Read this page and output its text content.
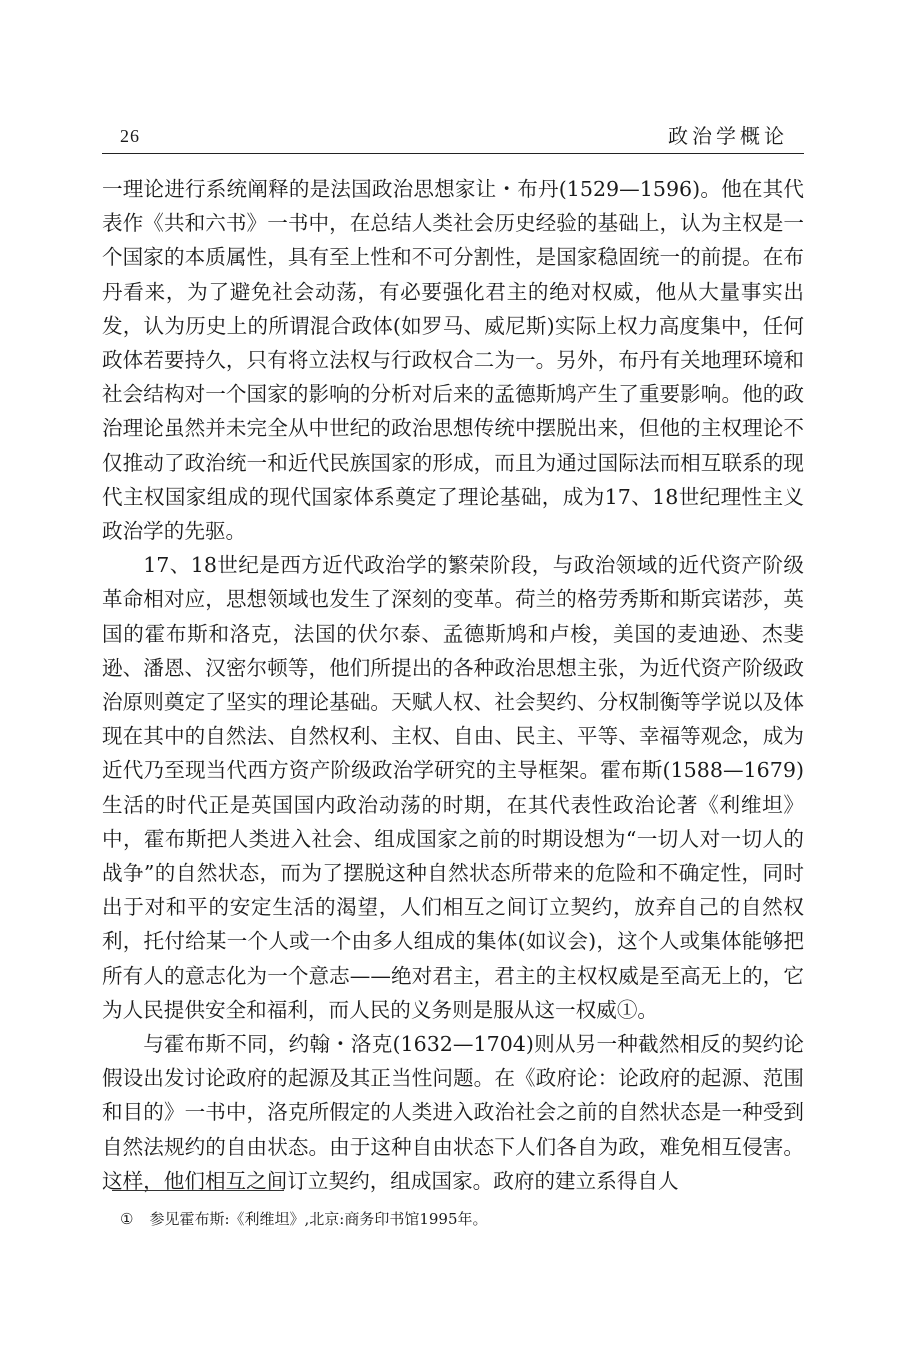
26	政治学概论

一理论进行系统阐释的是法国政治思想家让・布丹(1529—1596)。他在其代表作《共和六书》一书中，在总结人类社会历史经验的基础上，认为主权是一个国家的本质属性，具有至上性和不可分割性，是国家稳固统一的前提。在布丹看来，为了避免社会动荡，有必要强化君主的绝对权威，他从大量事实出发，认为历史上的所谓混合政体(如罗马、威尼斯)实际上权力高度集中，任何政体若要持久，只有将立法权与行政权合二为一。另外，布丹有关地理环境和社会结构对一个国家的影响的分析对后来的孟德斯鸠产生了重要影响。他的政治理论虽然并未完全从中世纪的政治思想传统中摆脱出来，但他的主权理论不仅推动了政治统一和近代民族国家的形成，而且为通过国际法而相互联系的现代主权国家组成的现代国家体系奠定了理论基础，成为17、18世纪理性主义政治学的先驱。

17、18世纪是西方近代政治学的繁荣阶段，与政治领域的近代资产阶级革命相对应，思想领域也发生了深刻的变革。荷兰的格劳秀斯和斯宾诺莎，英国的霍布斯和洛克，法国的伏尔泰、孟德斯鸠和卢梭，美国的麦迪逊、杰斐逊、潘恩、汉密尔顿等，他们所提出的各种政治思想主张，为近代资产阶级政治原则奠定了坚实的理论基础。天赋人权、社会契约、分权制衡等学说以及体现在其中的自然法、自然权利、主权、自由、民主、平等、幸福等观念，成为近代乃至现当代西方资产阶级政治学研究的主导框架。霍布斯(1588—1679)生活的时代正是英国国内政治动荡的时期，在其代表性政治论著《利维坦》中，霍布斯把人类进入社会、组成国家之前的时期设想为“一切人对一切人的战争”的自然状态，而为了摆脱这种自然状态所带来的危险和不确定性，同时出于对和平的安定生活的渴望，人们相互之间订立契约，放弃自己的自然权利，托付给某一个人或一个由多人组成的集体(如议会)，这个人或集体能够把所有人的意志化为一个意志——绝对君主，君主的主权权威是至高无上的，它为人民提供安全和福利，而人民的义务则是服从这一权威①。

与霍布斯不同，约翰・洛克(1632—1704)则从另一种截然相反的契约论假设出发讨论政府的起源及其正当性问题。在《政府论：论政府的起源、范围和目的》一书中，洛克所假定的人类进入政治社会之前的自然状态是一种受到自然法规约的自由状态。由于这种自由状态下人们各自为政，难免相互侵害。这样，他们相互之间订立契约，组成国家。政府的建立系得自人

① 参见霍布斯:《利维坦》,北京:商务印书馆1995年。
